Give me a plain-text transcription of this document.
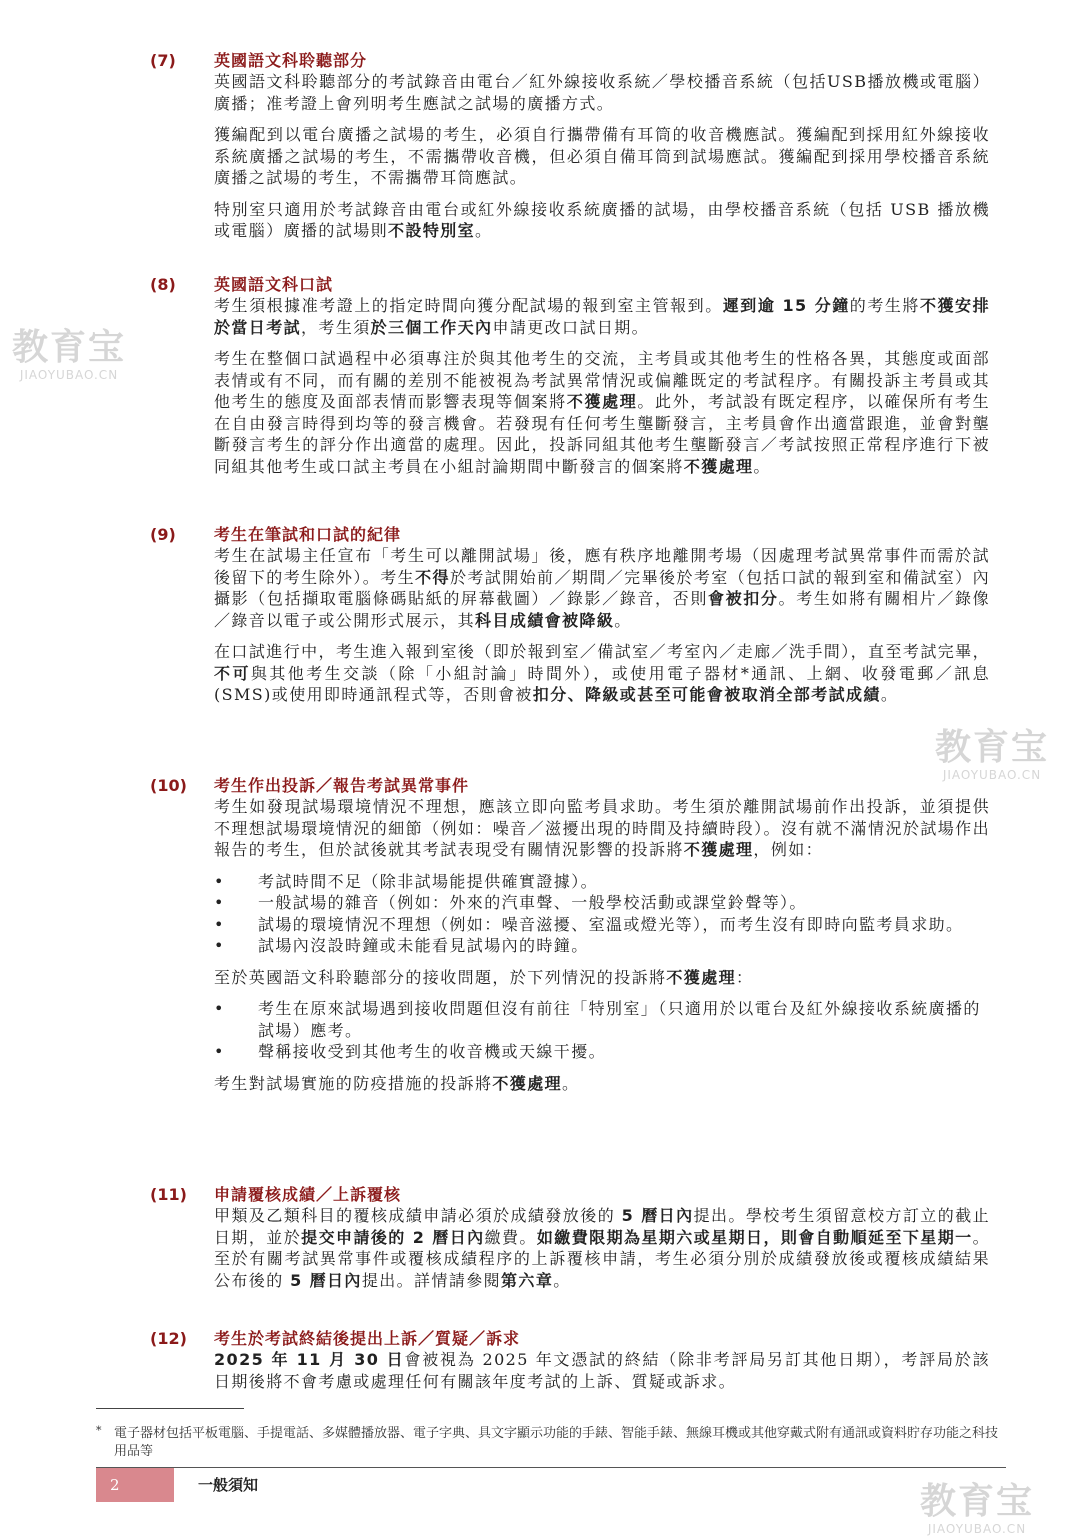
(7)	英國語文科聆聽部分

英國語文科聆聽部分的考試錄音由電台／紅外線接收系統／學校播音系統（包括USB播放機或電腦）廣播；准考證上會列明考生應試之試場的廣播方式。

獲編配到以電台廣播之試場的考生，必須自行攜帶備有耳筒的收音機應試。獲編配到採用紅外線接收系統廣播之試場的考生，不需攜帶收音機，但必須自備耳筒到試場應試。獲編配到採用學校播音系統廣播之試場的考生，不需攜帶耳筒應試。

特別室只適用於考試錄音由電台或紅外線接收系統廣播的試場，由學校播音系統（包括 USB 播放機或電腦）廣播的試場則不設特別室。

(8)	英國語文科口試

考生須根據准考證上的指定時間向獲分配試場的報到室主管報到。遲到逾 15 分鐘的考生將不獲安排於當日考試，考生須於三個工作天內申請更改口試日期。

考生在整個口試過程中必須專注於與其他考生的交流，主考員或其他考生的性格各異，其態度或面部表情或有不同，而有關的差別不能被視為考試異常情況或偏離既定的考試程序。有關投訴主考員或其他考生的態度及面部表情而影響表現等個案將不獲處理。此外，考試設有既定程序，以確保所有考生在自由發言時得到均等的發言機會。若發現有任何考生壟斷發言，主考員會作出適當跟進，並會對壟斷發言考生的評分作出適當的處理。因此，投訴同組其他考生壟斷發言／考試按照正常程序進行下被同組其他考生或口試主考員在小組討論期間中斷發言的個案將不獲處理。

(9)	考生在筆試和口試的紀律

考生在試場主任宣布「考生可以離開試場」後，應有秩序地離開考場（因處理考試異常事件而需於試後留下的考生除外）。考生不得於考試開始前／期間／完畢後於考室（包括口試的報到室和備試室）內攝影（包括擷取電腦條碼貼紙的屏幕截圖）／錄影／錄音，否則會被扣分。考生如將有關相片／錄像／錄音以電子或公開形式展示，其科目成績會被降級。

在口試進行中，考生進入報到室後（即於報到室／備試室／考室內／走廊／洗手間），直至考試完畢，不可與其他考生交談（除「小組討論」時間外），或使用電子器材*通訊、上網、收發電郵／訊息(SMS)或使用即時通訊程式等，否則會被扣分、降級或甚至可能會被取消全部考試成績。

(10)	考生作出投訴／報告考試異常事件

考生如發現試場環境情況不理想，應該立即向監考員求助。考生須於離開試場前作出投訴，並須提供不理想試場環境情況的細節（例如：噪音／滋擾出現的時間及持續時段）。沒有就不滿情況於試場作出報告的考生，但於試後就其考試表現受有關情況影響的投訴將不獲處理，例如：

• 考試時間不足（除非試場能提供確實證據）。
• 一般試場的雜音（例如：外來的汽車聲、一般學校活動或課堂鈴聲等）。
• 試場的環境情況不理想（例如：噪音滋擾、室溫或燈光等），而考生沒有即時向監考員求助。
• 試場內沒設時鐘或未能看見試場內的時鐘。

至於英國語文科聆聽部分的接收問題，於下列情況的投訴將不獲處理：

• 考生在原來試場遇到接收問題但沒有前往「特別室」（只適用於以電台及紅外線接收系統廣播的試場）應考。
• 聲稱接收受到其他考生的收音機或天線干擾。

考生對試場實施的防疫措施的投訴將不獲處理。

(11)	申請覆核成績／上訴覆核

甲類及乙類科目的覆核成績申請必須於成績發放後的 5 曆日內提出。學校考生須留意校方訂立的截止日期，並於提交申請後的 2 曆日內繳費。如繳費限期為星期六或星期日，則會自動順延至下星期一。至於有關考試異常事件或覆核成績程序的上訴覆核申請，考生必須分別於成績發放後或覆核成績結果公布後的 5 曆日內提出。詳情請參閱第六章。

(12)	考生於考試終結後提出上訴／質疑／訴求

2025 年 11 月 30 日會被視為 2025 年文憑試的終結（除非考評局另訂其他日期），考評局於該日期後將不會考慮或處理任何有關該年度考試的上訴、質疑或訴求。

* 電子器材包括平板電腦、手提電話、多媒體播放器、電子字典、具文字顯示功能的手錶、智能手錶、無線耳機或其他穿戴式附有通訊或資料貯存功能之科技用品等
2	一般須知
教育宝
JIAOYUBAO.CN
教育宝
JIAOYUBAO.CN
教育宝
JIAOYUBAO.CN
